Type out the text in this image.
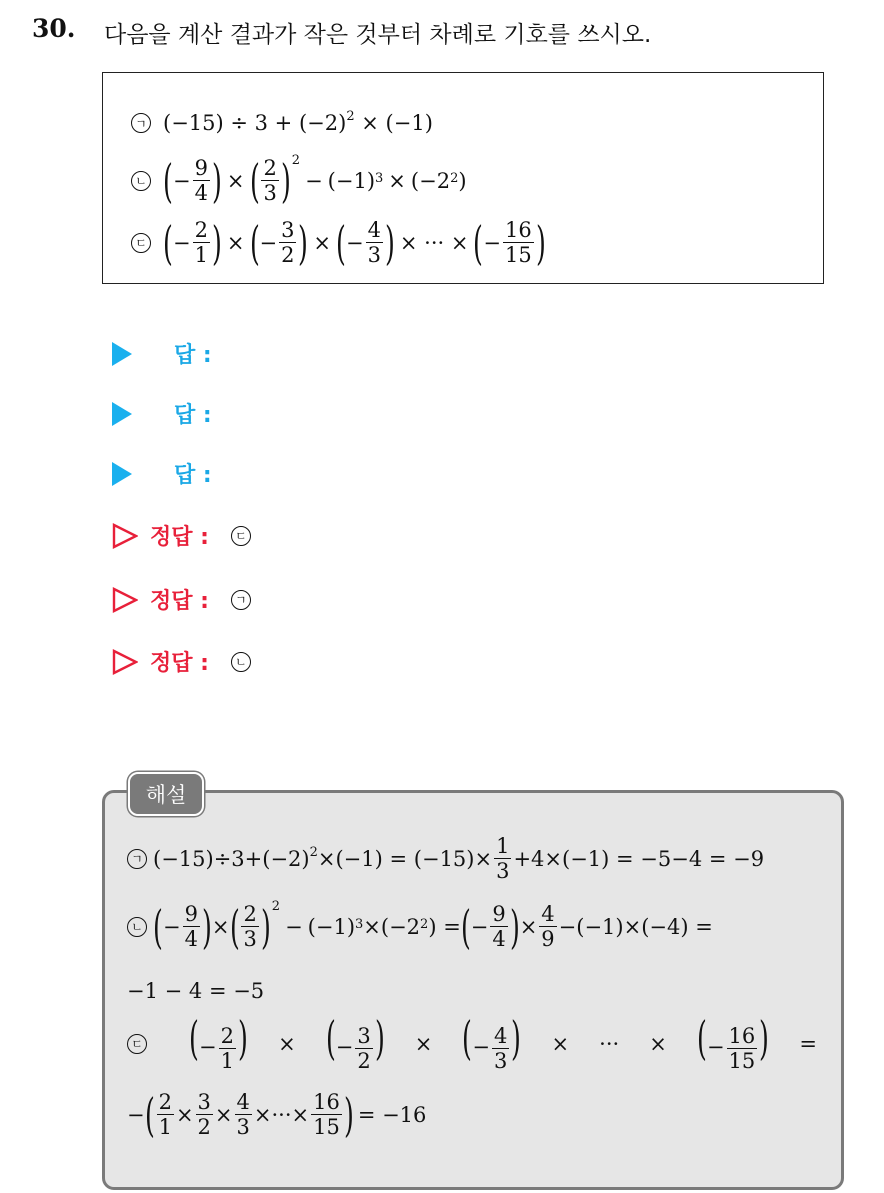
30. 다음을 계산 결과가 작은 것부터 차례로 기호를 쓰시오.
ㄱ $(-15) \div 3 + (-2)^2 \times (-1)$
ㄴ ( − $\frac{9}{4}$ ) × ( $\frac{2}{3}$ ) 2
− (−1) 3 × (−2 2 )
ㄷ ( − $\frac{2}{1}$ ) × ( − $\frac{3}{2}$ ) × ( − $\frac{4}{3}$ ) × ··· × ( − $\frac{16}{15}$ )
답 :
답 :
답 :
정답 :	ㄷ
정답 :	ㄱ
정답 :	ㄴ
ㄱ $(-15)\div 3+(-2)^2\times(-1) = (-15)\times \frac{1}{3} +4\times(-1) = -5-4 = -9$
ㄴ ( − $\frac{9}{4}$ ) × ( $\frac{2}{3}$ ) 2
− (−1) 3 ×(−2 2 ) = ( − $\frac{9}{4}$ ) × $\frac{4}{9} -(-1)\times(-4)$ =
−1 − 4 = −5
ㄷ (− $\frac{2}{1}$ ) × (− $\frac{3}{2}$ ) × (− $\frac{4}{3}$ ) × ··· × (− $\frac{16}{15}$ ) =
− ( $\frac{2}{1} \times \frac{3}{2} \times \frac{4}{3}$ ×···× $\frac{16}{15}$ ) = −16
해설
